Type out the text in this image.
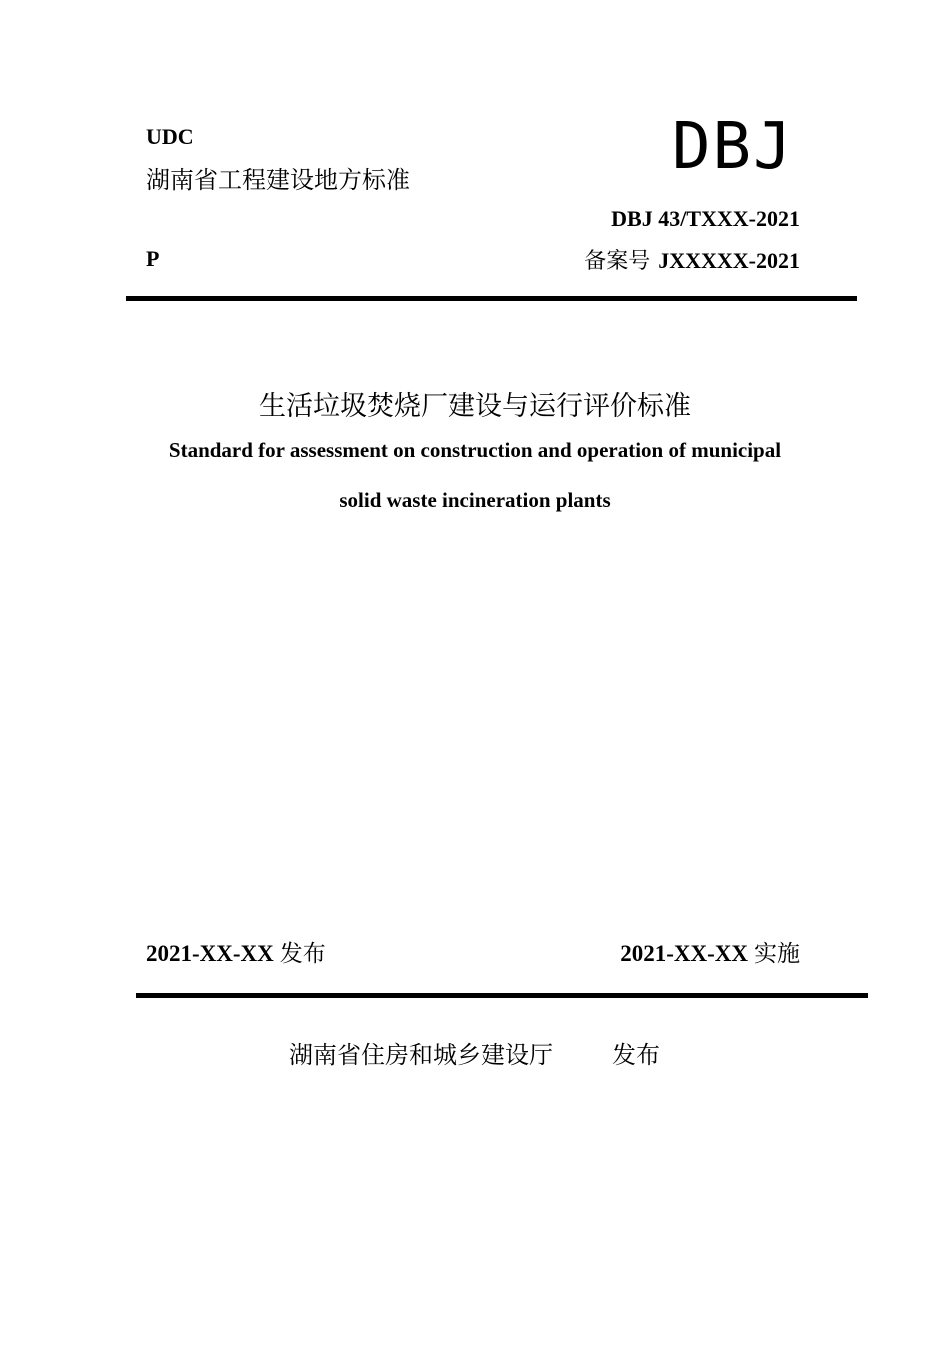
UDC
湖南省工程建设地方标准	DBJ
DBJ 43/TXXX-2021
P	备案号 JXXXXX-2021
生活垃圾焚烧厂建设与运行评价标准
Standard for assessment on construction and operation of municipal
solid waste incineration plants
2021-XX-XX 发布	2021-XX-XX 实施
湖南省住房和城乡建设厅 发布
